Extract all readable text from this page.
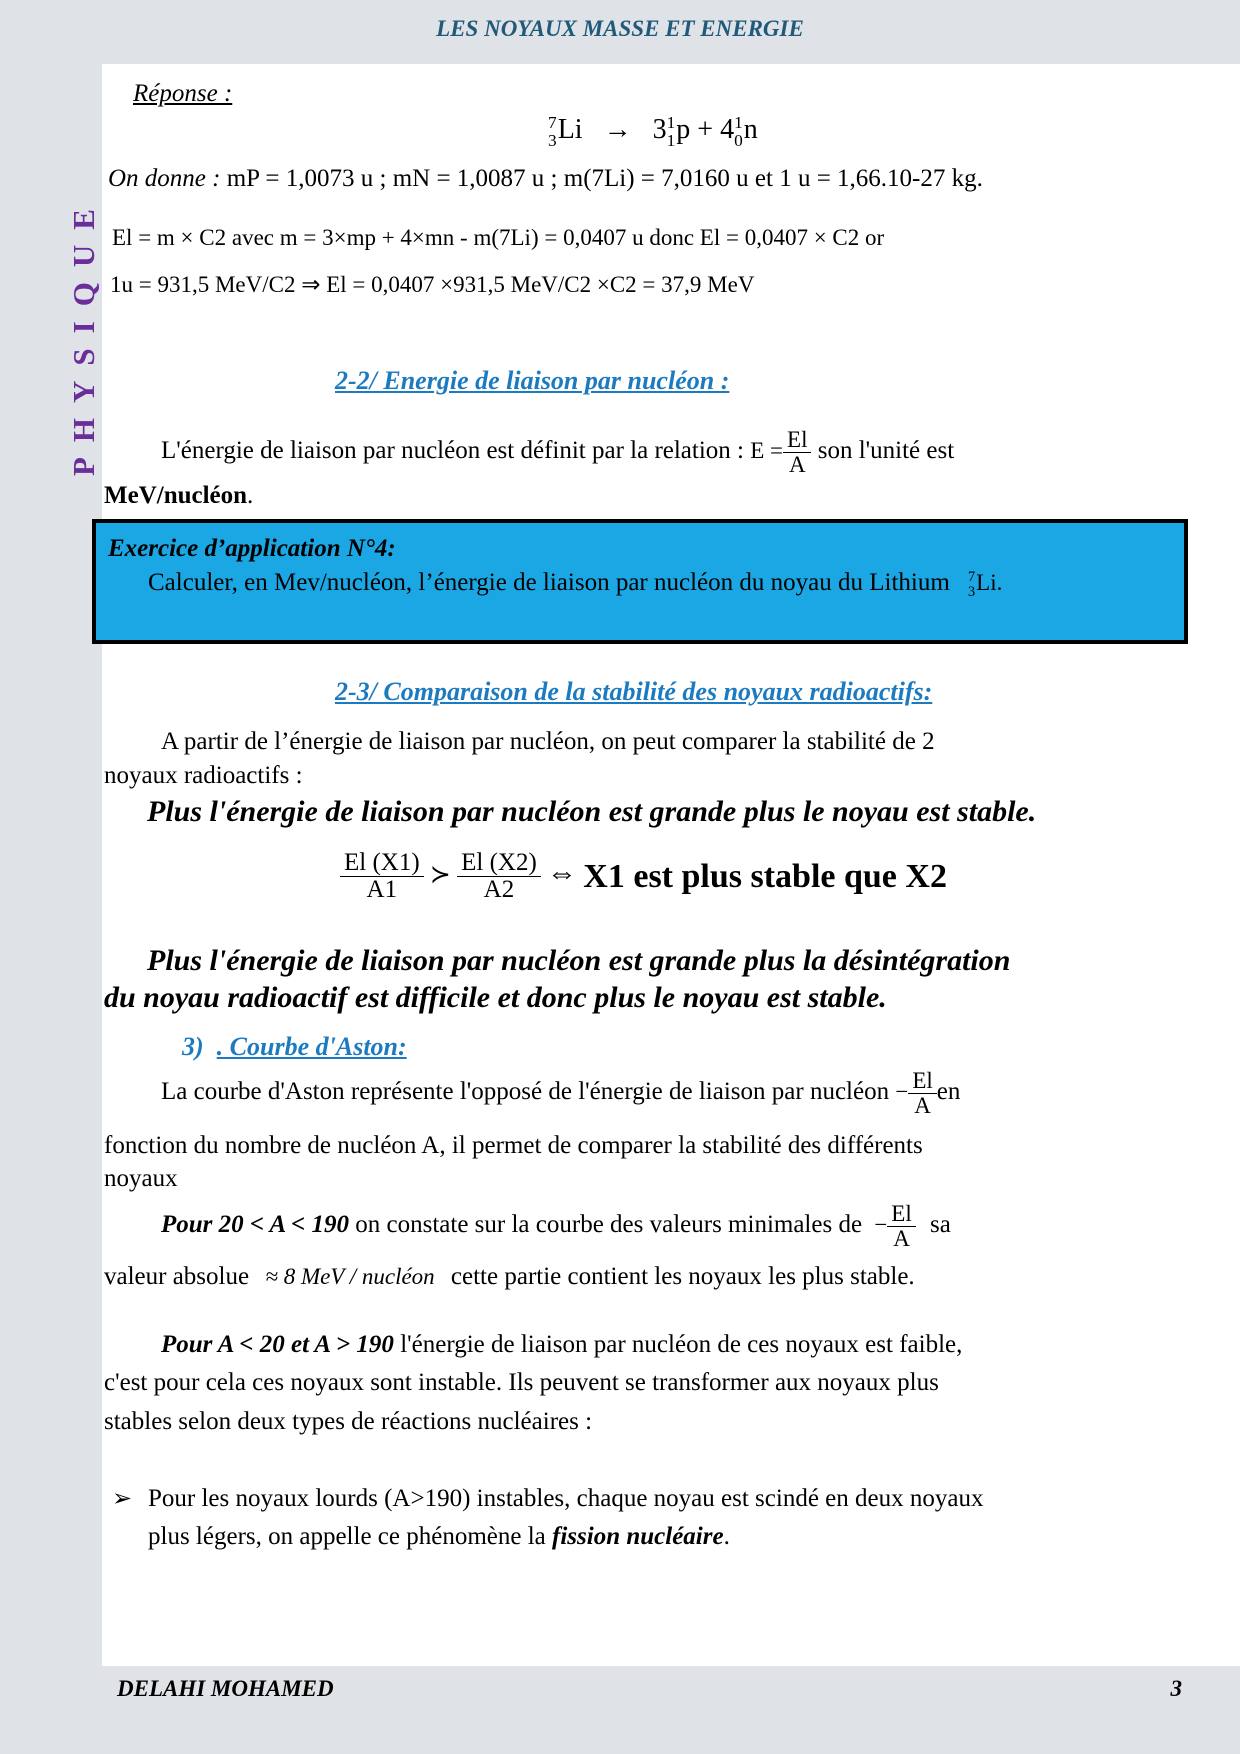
LES NOYAUX MASSE ET ENERGIE
PHYSIQUE
Réponse :
7
3 Li → 3 1
1 p + 4 1
0 n
On donne : mP = 1,0073 u ; mN = 1,0087 u ; m(7Li) = 7,0160 u et 1 u = 1,66.10-27 kg.
El = m × C2 avec m = 3×mp + 4×mn - m(7Li) = 0,0407 u donc El = 0,0407 × C2 or
1u = 931,5 MeV/C2 ⇒ El = 0,0407 ×931,5 MeV/C2 ×C2 = 37,9 MeV
2-2/ Energie de liaison par nucléon :
L'énergie de liaison par nucléon est définit par la relation : $E = \frac{El}{A}$ son l'unité est
MeV/nucléon.
Exercice d’application N°4:
Calculer, en Mev/nucléon, l’énergie de liaison par nucléon du noyau du Lithium 7
3 Li.
2-3/ Comparaison de la stabilité des noyaux radioactifs:
A partir de l’énergie de liaison par nucléon, on peut comparer la stabilité de 2
noyaux radioactifs :
Plus l'énergie de liaison par nucléon est grande plus le noyau est stable.
$\frac{El (X1)}{A1}$ ≻ $\frac{El (X2)}{A2}$ ⇔ X1 est plus stable que X2
Plus l'énergie de liaison par nucléon est grande plus la désintégration
du noyau radioactif est difficile et donc plus le noyau est stable.
3) . Courbe d'Aston:
La courbe d'Aston représente l'opposé de l'énergie de liaison par nucléon − $\frac{El}{A}$ en
fonction du nombre de nucléon A, il permet de comparer la stabilité des différents
noyaux
Pour 20 < A < 190 on constate sur la courbe des valeurs minimales de − $\frac{El}{A}$ sa
valeur absolue ≈ 8 MeV / nucléon cette partie contient les noyaux les plus stable.
Pour A < 20 et A > 190 l'énergie de liaison par nucléon de ces noyaux est faible,
c'est pour cela ces noyaux sont instable. Ils peuvent se transformer aux noyaux plus
stables selon deux types de réactions nucléaires :
➢ Pour les noyaux lourds (A>190) instables, chaque noyau est scindé en deux noyaux
plus légers, on appelle ce phénomène la fission nucléaire.
DELAHI MOHAMED	3
